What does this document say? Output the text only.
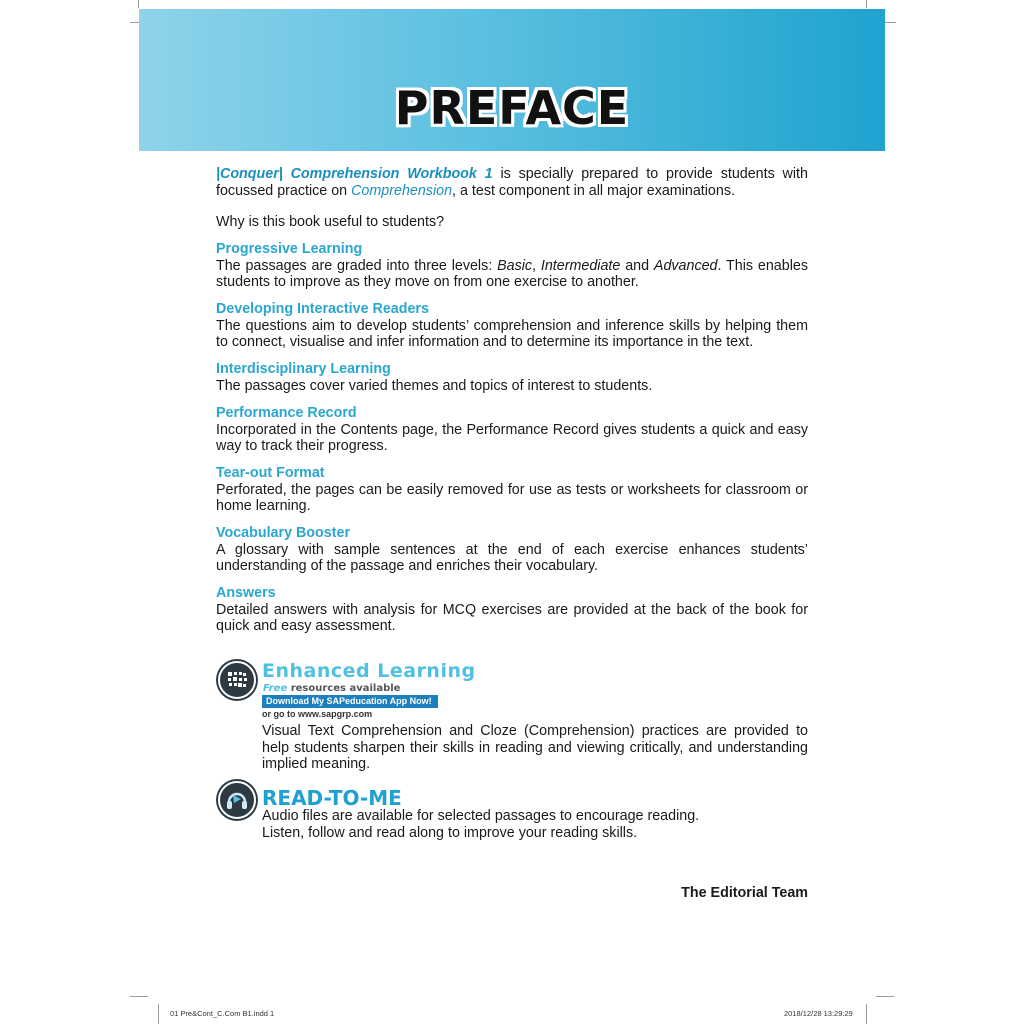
PREFACE

|Conquer| Comprehension Workbook 1 is specially prepared to provide students with focussed practice on Comprehension, a test component in all major examinations.

Why is this book useful to students?

Progressive Learning

The passages are graded into three levels: Basic, Intermediate and Advanced. This enables students to improve as they move on from one exercise to another.

Developing Interactive Readers

The questions aim to develop students’ comprehension and inference skills by helping them to connect, visualise and infer information and to determine its importance in the text.

Interdisciplinary Learning

The passages cover varied themes and topics of interest to students.

Performance Record

Incorporated in the Contents page, the Performance Record gives students a quick and easy way to track their progress.

Tear-out Format

Perforated, the pages can be easily removed for use as tests or worksheets for classroom or home learning.

Vocabulary Booster

A glossary with sample sentences at the end of each exercise enhances students’ understanding of the passage and enriches their vocabulary.

Answers

Detailed answers with analysis for MCQ exercises are provided at the back of the book for quick and easy assessment.

Enhanced Learning
Free resources available
Download My SAPeducation App Now!
or go to www.sapgrp.com
Visual Text Comprehension and Cloze (Comprehension) practices are provided to help students sharpen their skills in reading and viewing critically, and understanding implied meaning.
READ-TO-ME
Audio files are available for selected passages to encourage reading.
Listen, follow and read along to improve your reading skills.
The Editorial Team
01 Pre&Cont_C.Com B1.indd 1	2018/12/28 13:29:29
